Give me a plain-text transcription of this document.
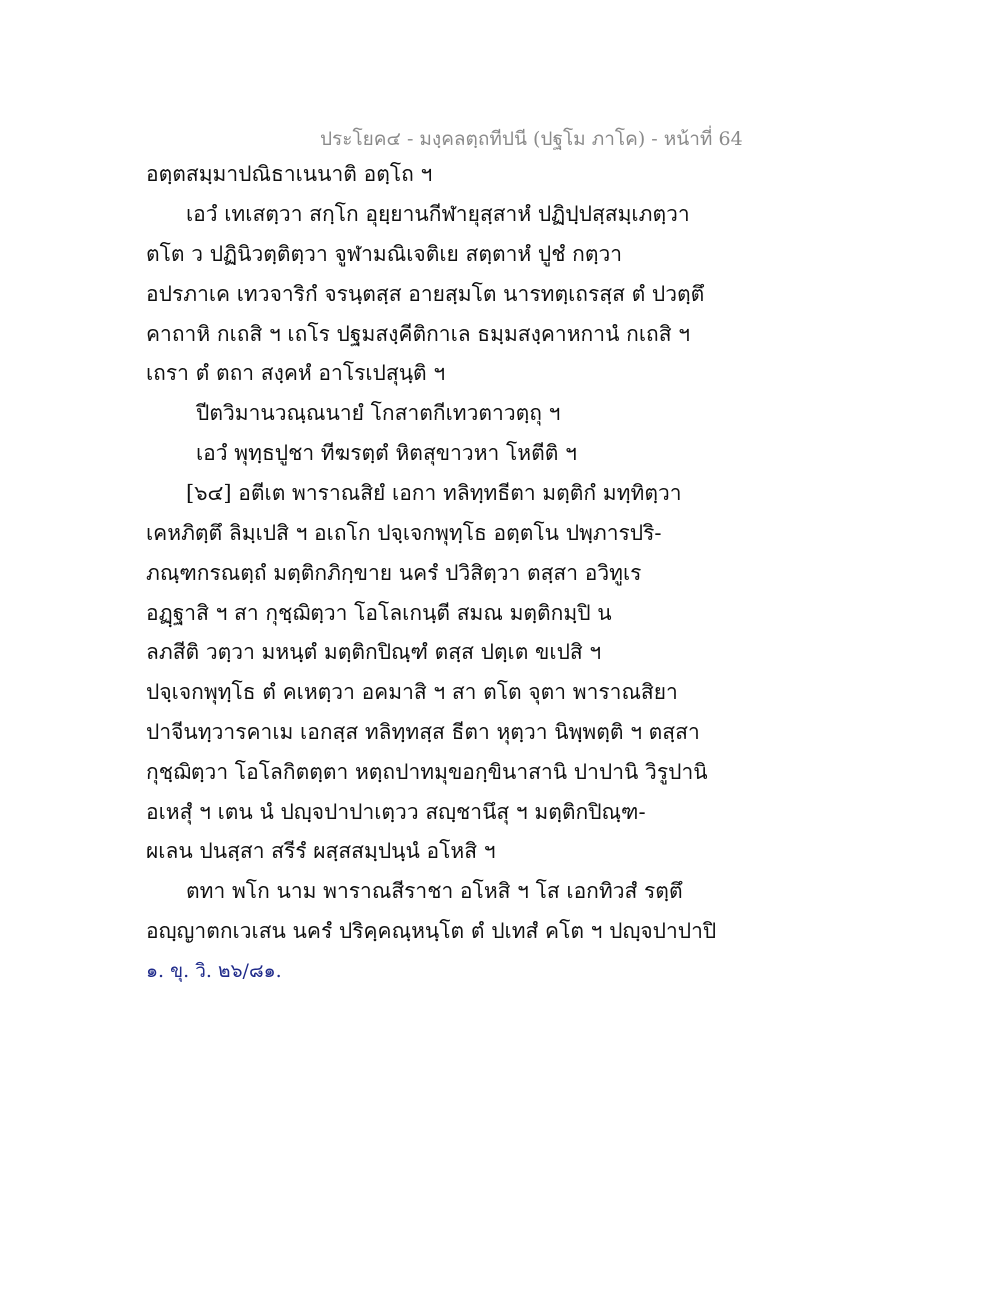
ประโยค๔ - มงฺคลตฺถทีปนี (ปฐโม ภาโค) - หน้าที่ 64
อตฺตสมฺมาปณิธาเนนาติ อตฺโถ ฯ
เอวํ เทเสตฺวา สกฺโก อุยฺยานกีฬายุสฺสาหํ ปฏิปฺปสฺสมฺเภตฺวา
ตโต ว ปฏินิวตฺติตฺวา จูฬามณิเจติเย สตฺตาหํ ปูชํ กตฺวา
อปรภาเค เทวจาริกํ จรนฺตสฺส อายสฺมโต นารทตฺเถรสฺส ตํ ปวตฺตึ
คาถาหิ กเถสิ ฯ เถโร ปฐมสงฺคีติกาเล ธมฺมสงฺคาหกานํ กเถสิ ฯ
เถรา ตํ ตถา สงฺคหํ อาโรเปสุนฺติ ฯ
ปีตวิมานวณฺณนายํ โกสาตกีเทวตาวตฺถุ ฯ
เอวํ พุทฺธปูชา ทีฆรตฺตํ หิตสุขาวหา โหตีติ ฯ
[๖๔] อตีเต พาราณสิยํ เอกา ทลิทฺทธีตา มตฺติกํ มทฺทิตฺวา
เคหภิตฺตึ ลิมฺเปสิ ฯ อเถโก ปจฺเจกพุทฺโธ อตฺตโน ปพฺภารปริ-
ภณฺฑกรณตฺถํ มตฺติกภิกฺขาย นครํ ปวิสิตฺวา ตสฺสา อวิทูเร
อฏฺฐาสิ ฯ สา กุชฺฌิตฺวา โอโลเกนฺตี สมณ มตฺติกมฺปิ น
ลภสีติ วตฺวา มหนฺตํ มตฺติกปิณฺฑํ ตสฺส ปตฺเต ขเปสิ ฯ
ปจฺเจกพุทฺโธ ตํ คเหตฺวา อคมาสิ ฯ สา ตโต จุตา พาราณสิยา
ปาจีนทฺวารคาเม เอกสฺส ทลิทฺทสฺส ธีตา หุตฺวา นิพฺพตฺติ ฯ ตสฺสา
กุชฺฌิตฺวา โอโลกิตตฺตา หตฺถปาทมุขอกฺขินาสานิ ปาปานิ วิรูปานิ
อเหสุํ ฯ เตน นํ ปญฺจปาปาเตฺวว สญฺชานึสุ ฯ มตฺติกปิณฺฑ-
ผเลน ปนสฺสา สรีรํ ผสฺสสมฺปนฺนํ อโหสิ ฯ
ตทา พโก นาม พาราณสีราชา อโหสิ ฯ โส เอกทิวสํ รตฺตึ
อญฺญาตกเวเสน นครํ ปริคฺคณฺหนฺโต ตํ ปเทสํ คโต ฯ ปญฺจปาปาปิ
๑. ขุ. วิ. ๒๖/๘๑.
